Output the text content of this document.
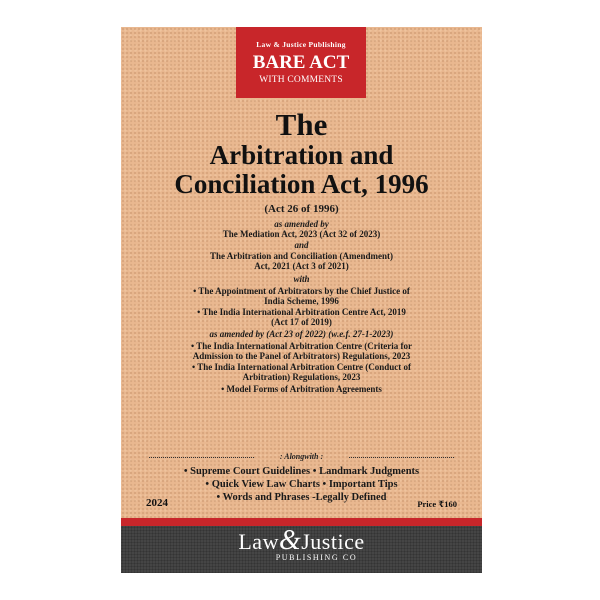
Law & Justice Publishing
BARE ACT
WITH COMMENTS
The
Arbitration and
Conciliation Act, 1996
(Act 26 of 1996)
as amended by
The Mediation Act, 2023 (Act 32 of 2023)
and
The Arbitration and Conciliation (Amendment)
Act, 2021 (Act 3 of 2021)
with
• The Appointment of Arbitrators by the Chief Justice of
India Scheme, 1996
• The India International Arbitration Centre Act, 2019
(Act 17 of 2019)
as amended by (Act 23 of 2022) (w.e.f. 27-1-2023)
• The India International Arbitration Centre (Criteria for
Admission to the Panel of Arbitrators) Regulations, 2023
• The India International Arbitration Centre (Conduct of
Arbitration) Regulations, 2023
• Model Forms of Arbitration Agreements
: Alongwith :
• Supreme Court Guidelines • Landmark Judgments
• Quick View Law Charts • Important Tips
• Words and Phrases -Legally Defined
2024	Price ₹160
Law&Justice
PUBLISHING CO
